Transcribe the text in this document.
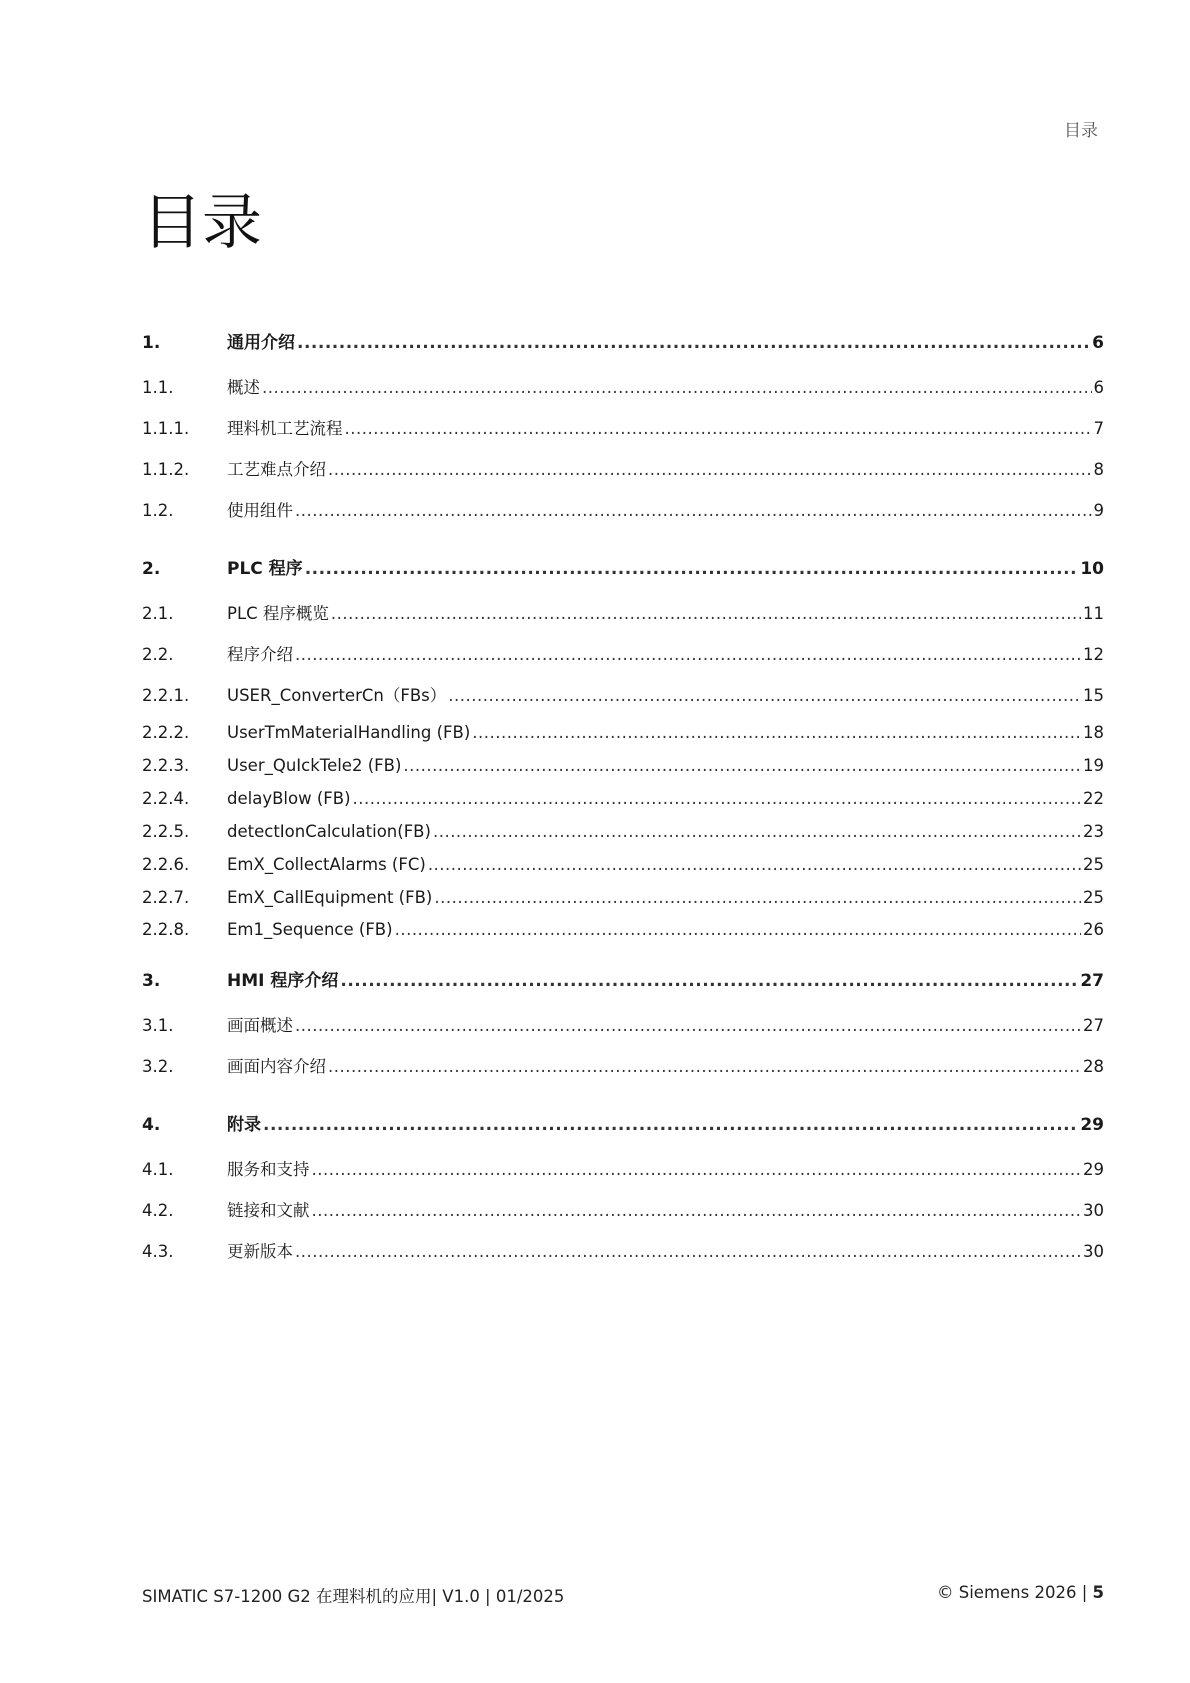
目录
目录
1.	通用介绍 .....	6
1.1.	概述 .....	6
1.1.1.	理料机工艺流程 .....	7
1.1.2.	工艺难点介绍 .....	8
1.2.	使用组件 .....	9
2.	PLC 程序 .....	10
2.1.	PLC 程序概览 .....	11
2.2.	程序介绍 .....	12
2.2.1.	USER_ConverterCn（FBs） .....	15
2.2.2.	UserTmMaterialHandling (FB) .....	18
2.2.3.	User_QuIckTele2 (FB) .....	19
2.2.4.	delayBlow (FB) .....	22
2.2.5.	detectIonCalculation(FB) .....	23
2.2.6.	EmX_CollectAlarms (FC) .....	25
2.2.7.	EmX_CallEquipment (FB) .....	25
2.2.8.	Em1_Sequence (FB) .....	26
3.	HMI 程序介绍 .....	27
3.1.	画面概述 .....	27
3.2.	画面内容介绍 .....	28
4.	附录 .....	29
4.1.	服务和支持 .....	29
4.2.	链接和文献 .....	30
4.3.	更新版本 .....	30
SIMATIC S7-1200 G2 在理料机的应用| V1.0 | 01/2025	© Siemens 2026 | 5
